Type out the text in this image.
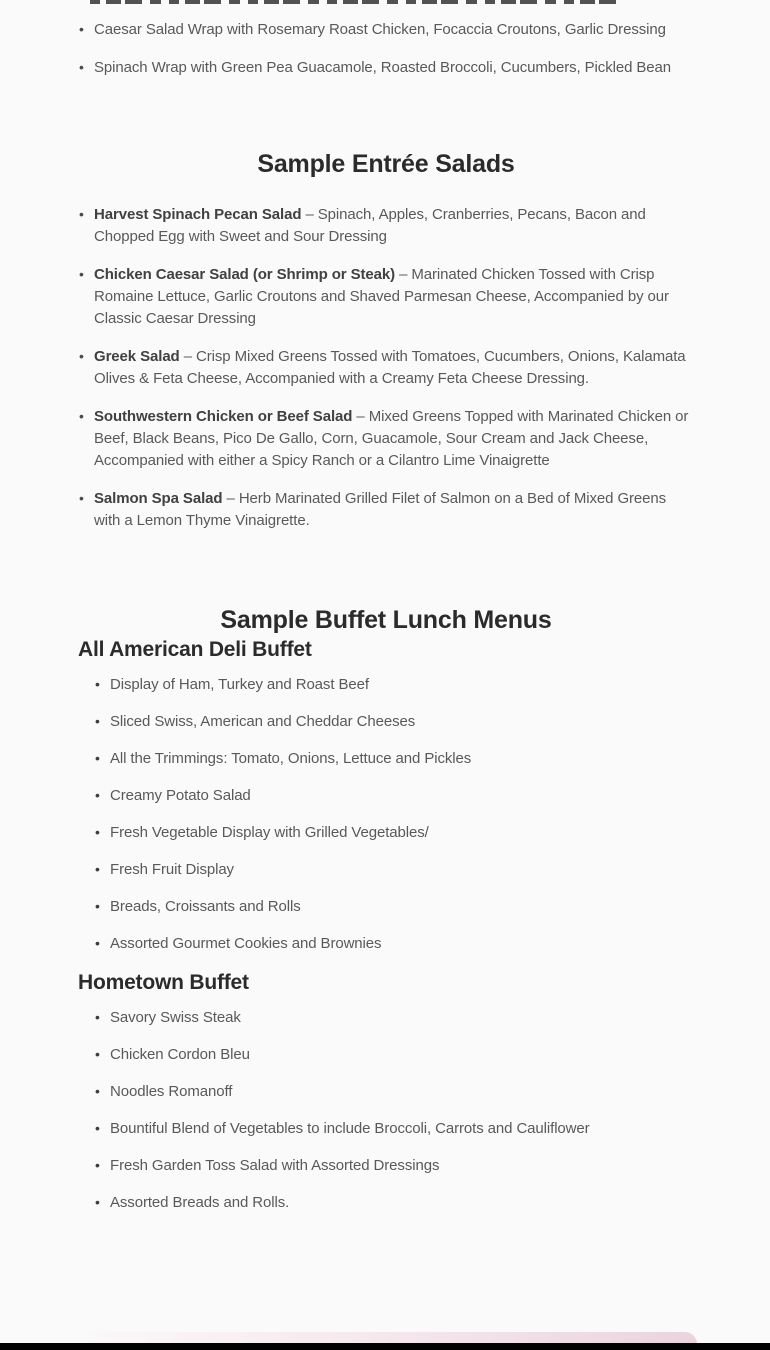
• Caesar Salad Wrap with Rosemary Roast Chicken, Focaccia Croutons, Garlic Dressing
• Spinach Wrap with Green Pea Guacamole, Roasted Broccoli, Cucumbers, Pickled Bean
Sample Entrée Salads
• Harvest Spinach Pecan Salad – Spinach, Apples, Cranberries, Pecans, Bacon and Chopped Egg with Sweet and Sour Dressing
• Chicken Caesar Salad (or Shrimp or Steak) – Marinated Chicken Tossed with Crisp Romaine Lettuce, Garlic Croutons and Shaved Parmesan Cheese, Accompanied by our Classic Caesar Dressing
• Greek Salad – Crisp Mixed Greens Tossed with Tomatoes, Cucumbers, Onions, Kalamata Olives & Feta Cheese, Accompanied with a Creamy Feta Cheese Dressing.
• Southwestern Chicken or Beef Salad – Mixed Greens Topped with Marinated Chicken or Beef, Black Beans, Pico De Gallo, Corn, Guacamole, Sour Cream and Jack Cheese, Accompanied with either a Spicy Ranch or a Cilantro Lime Vinaigrette
• Salmon Spa Salad – Herb Marinated Grilled Filet of Salmon on a Bed of Mixed Greens with a Lemon Thyme Vinaigrette.
Sample Buffet Lunch Menus
All American Deli Buffet
• Display of Ham, Turkey and Roast Beef
• Sliced Swiss, American and Cheddar Cheeses
• All the Trimmings: Tomato, Onions, Lettuce and Pickles
• Creamy Potato Salad
• Fresh Vegetable Display with Grilled Vegetables/
• Fresh Fruit Display
• Breads, Croissants and Rolls
• Assorted Gourmet Cookies and Brownies
Hometown Buffet
• Savory Swiss Steak
• Chicken Cordon Bleu
• Noodles Romanoff
• Bountiful Blend of Vegetables to include Broccoli, Carrots and Cauliflower
• Fresh Garden Toss Salad with Assorted Dressings
• Assorted Breads and Rolls.
